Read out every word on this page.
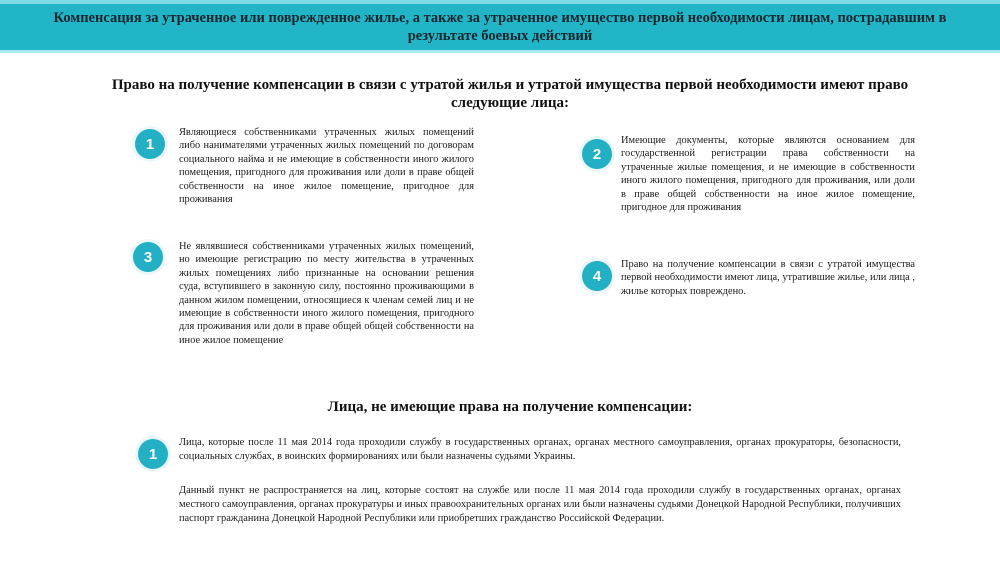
Компенсация за утраченное или поврежденное жилье, а также за утраченное имущество первой необходимости лицам, пострадавшим в результате боевых действий
Право на получение компенсации в связи с утратой жилья и утратой имущества первой необходимости имеют право следующие лица:
1
Являющиеся собственниками утраченных жилых помещений либо нанимателями утраченных жилых помещений по договорам социального найма и не имеющие в собственности иного жилого помещения, пригодного для проживания или доли в праве общей собственности на иное жилое помещение, пригодное для проживания
2
Имеющие документы, которые являются основанием для государственной регистрации права собственности на утраченные жилые помещения, и не имеющие в собственности иного жилого помещения, пригодного для проживания, или доли в праве общей собственности на иное жилое помещение, пригодное для проживания
3
Не являвшиеся собственниками утраченных жилых помещений, но имеющие регистрацию по месту жительства в утраченных жилых помещениях либо признанные на основании решения суда, вступившего в законную силу, постоянно проживающими в данном жилом помещении, относящиеся к членам семей лиц и не имеющие в собственности иного жилого помещения, пригодного для проживания или доли в праве общей общей собственности на иное жилое помещение
4
Право на получение компенсации в связи с утратой имущества первой необходимости имеют лица, утратившие жилье, или лица , жилье которых повреждено.
Лица, не имеющие права на получение компенсации:
1
Лица, которые после 11 мая 2014 года проходили службу в государственных органах, органах местного самоуправления, органах прокураторы, безопасности, социальных службах, в воинских формированиях или были назначены судьями Украины.
Данный пункт не распространяется на лиц, которые состоят на службе или после 11 мая 2014 года проходили службу в государственных органах, органах местного самоуправления, органах прокуратуры и иных правоохранительных органах или были назначены судьями Донецкой Народной Республики, получивших паспорт гражданина Донецкой Народной Республики или приобретших гражданство Российской Федерации.
